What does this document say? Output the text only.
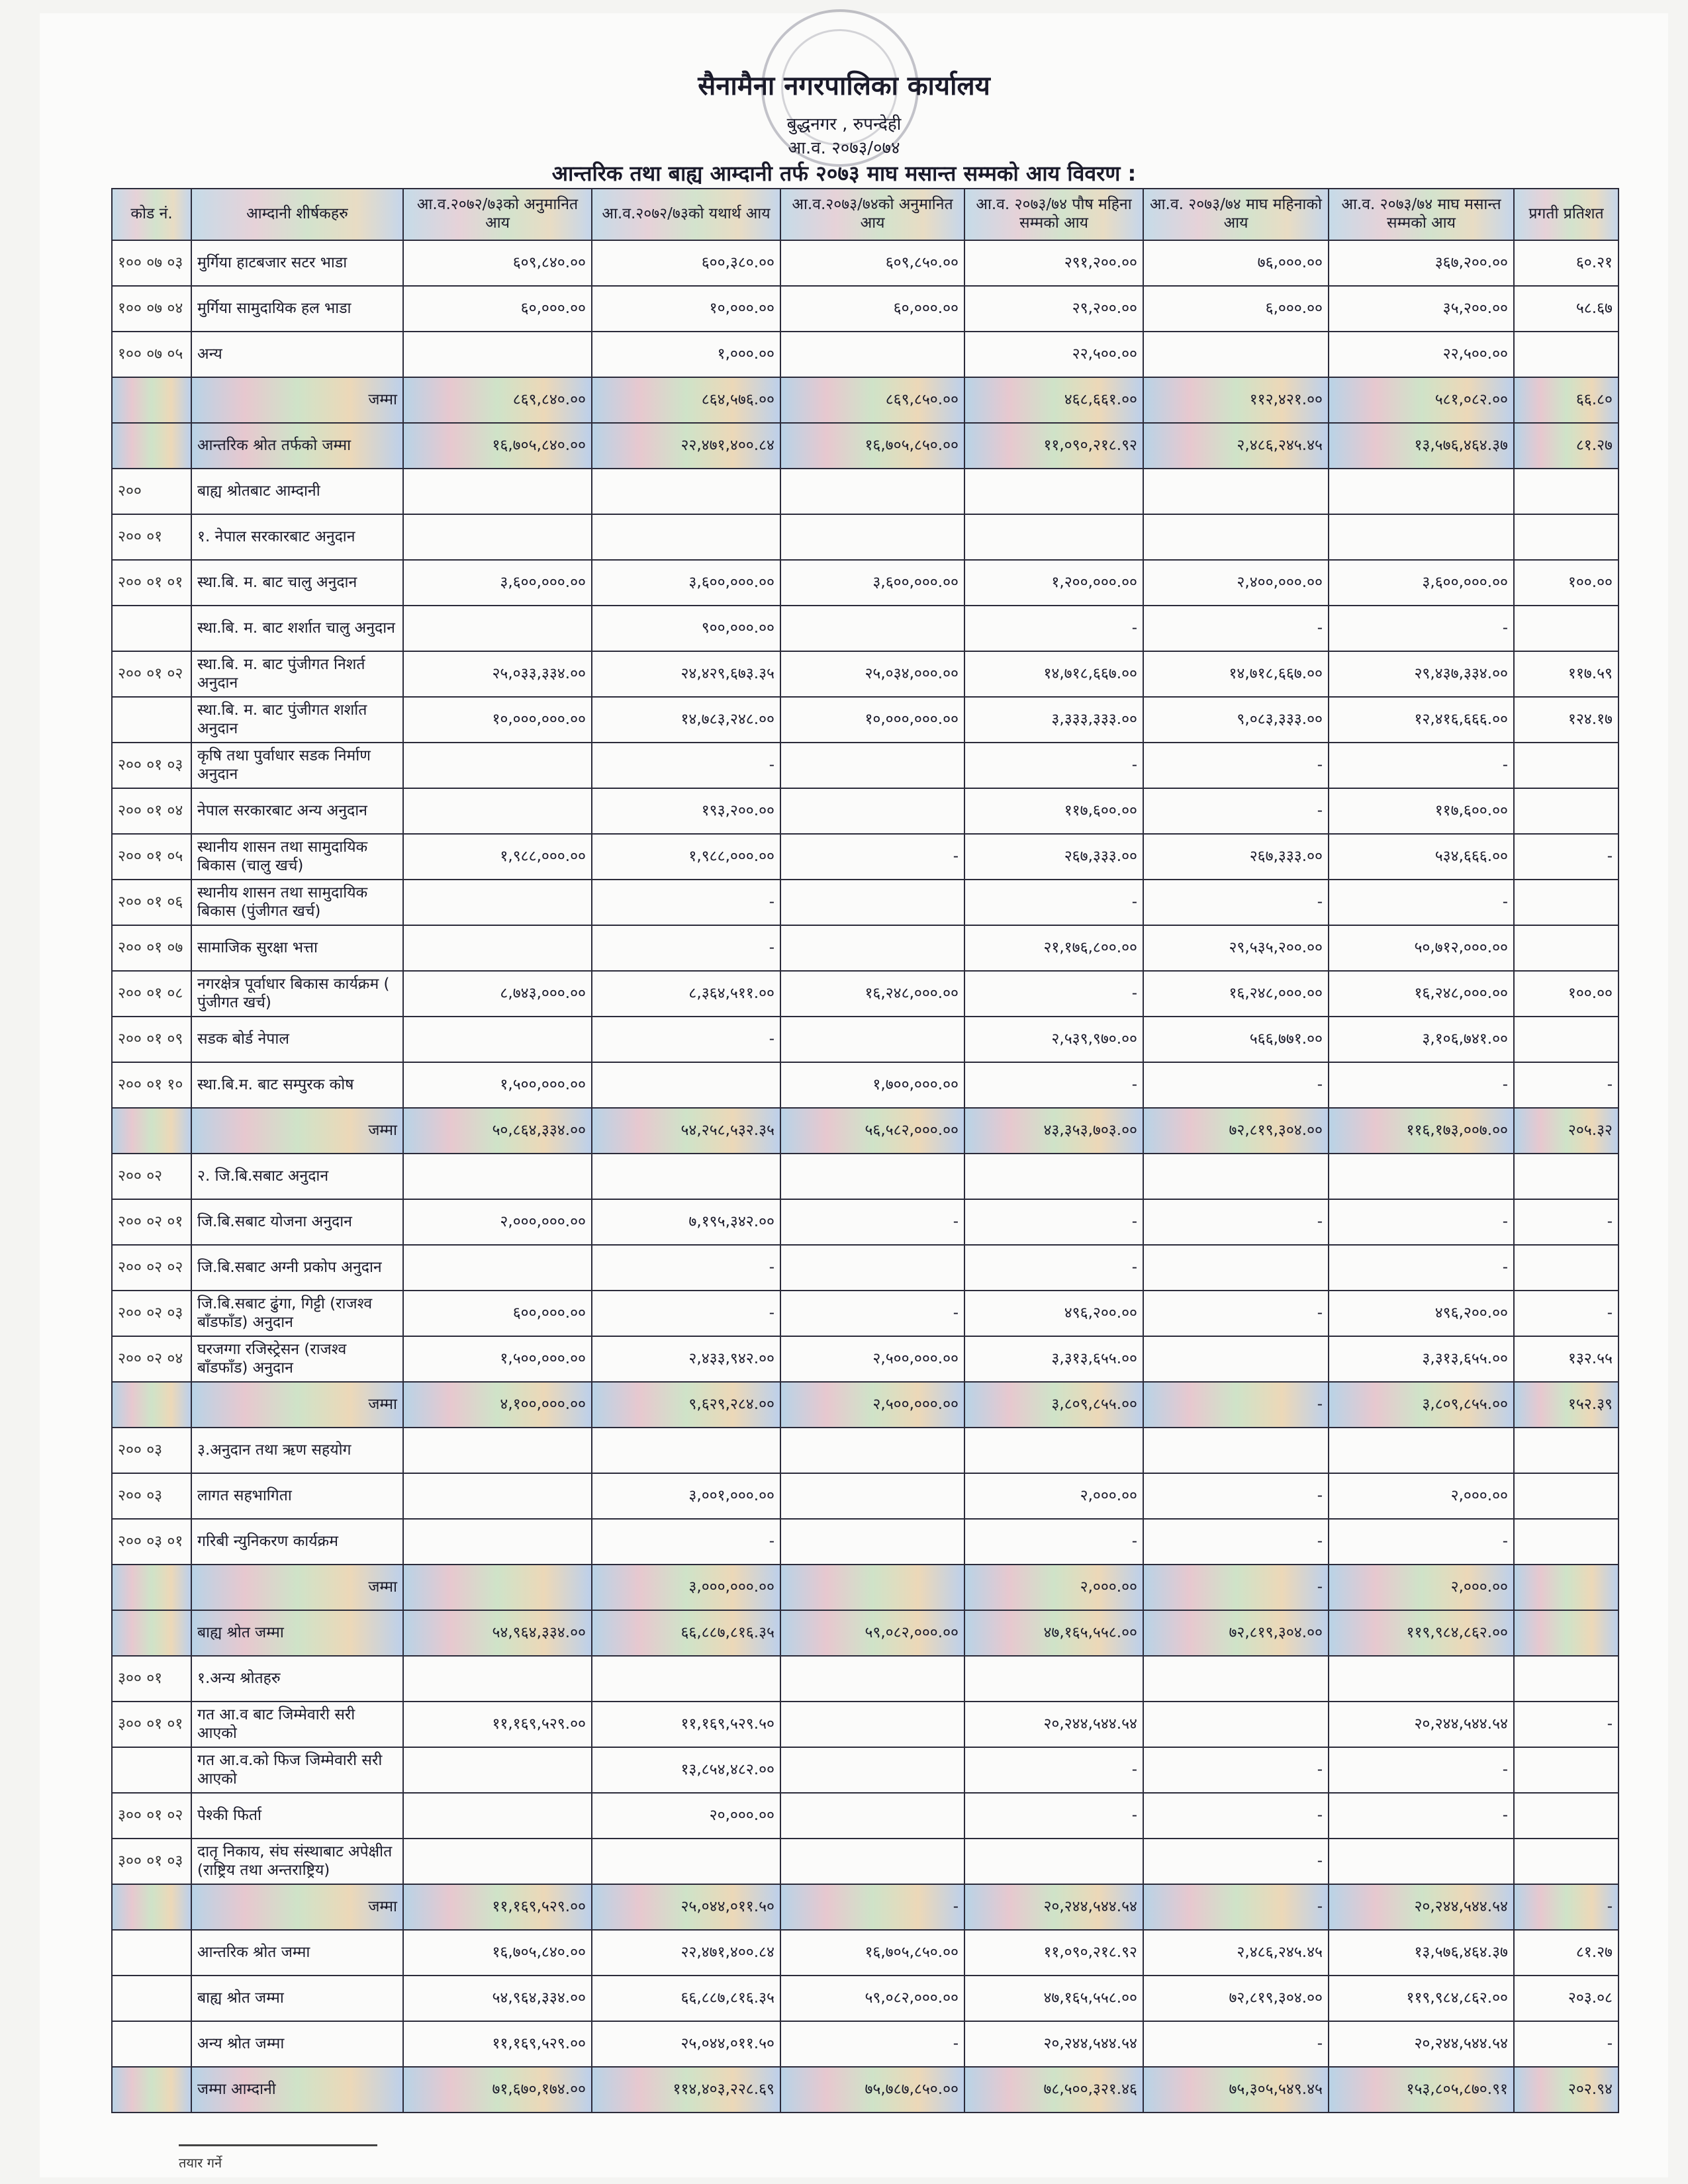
सैनामैना नगरपालिका कार्यालय
बुद्धनगर , रुपन्देही
आ.व. २०७३/०७४
आन्तरिक तथा बाह्य आम्दानी तर्फ २०७३ माघ मसान्त सम्मको आय विवरण :
कोड नं.	आम्दानी शीर्षकहरु	आ.व.२०७२/७३को अनुमानित आय	आ.व.२०७२/७३को यथार्थ आय	आ.व.२०७३/७४को अनुमानित आय	आ.व. २०७३/७४ पौष महिना सम्मको आय	आ.व. २०७३/७४ माघ महिनाको आय	आ.व. २०७३/७४ माघ मसान्त सम्मको आय	प्रगती प्रतिशत
१०० ०७ ०३	मुर्गिया हाटबजार सटर भाडा	६०९,८४०.००	६००,३८०.००	६०९,८५०.००	२९१,२००.००	७६,०००.००	३६७,२००.००	६०.२१
१०० ०७ ०४	मुर्गिया सामुदायिक हल भाडा	६०,०००.००	१०,०००.००	६०,०००.००	२९,२००.००	६,०००.००	३५,२००.००	५८.६७
१०० ०७ ०५	अन्य		१,०००.००		२२,५००.००		२२,५००.००	
	जम्मा	८६९,८४०.००	८६४,५७६.००	८६९,८५०.००	४६८,६६१.००	११२,४२१.००	५८१,०८२.००	६६.८०
	आन्तरिक श्रोत तर्फको जम्मा	१६,७०५,८४०.००	२२,४७१,४००.८४	१६,७०५,८५०.००	११,०९०,२१८.९२	२,४८६,२४५.४५	१३,५७६,४६४.३७	८१.२७
२००	बाह्य श्रोतबाट आम्दानी							
२०० ०१	१. नेपाल सरकारबाट अनुदान							
२०० ०१ ०१	स्था.बि. म. बाट चालु अनुदान	३,६००,०००.००	३,६००,०००.००	३,६००,०००.००	१,२००,०००.००	२,४००,०००.००	३,६००,०००.००	१००.००
	स्था.बि. म. बाट शर्शात चालु अनुदान		९००,०००.००		-	-	-	
२०० ०१ ०२	स्था.बि. म. बाट पुंजीगत निशर्त अनुदान	२५,०३३,३३४.००	२४,४२९,६७३.३५	२५,०३४,०००.००	१४,७१८,६६७.००	१४,७१८,६६७.००	२९,४३७,३३४.००	११७.५९
	स्था.बि. म. बाट पुंजीगत शर्शात अनुदान	१०,०००,०००.००	१४,७८३,२४८.००	१०,०००,०००.००	३,३३३,३३३.००	९,०८३,३३३.००	१२,४१६,६६६.००	१२४.१७
२०० ०१ ०३	कृषि तथा पुर्वाधार सडक निर्माण अनुदान		-		-	-	-	
२०० ०१ ०४	नेपाल सरकारबाट अन्य अनुदान		१९३,२००.००		११७,६००.००	-	११७,६००.००	
२०० ०१ ०५	स्थानीय शासन तथा सामुदायिक बिकास (चालु खर्च)	१,९८८,०००.००	१,९८८,०००.००	-	२६७,३३३.००	२६७,३३३.००	५३४,६६६.००	-
२०० ०१ ०६	स्थानीय शासन तथा सामुदायिक बिकास (पुंजीगत खर्च)		-		-	-	-	
२०० ०१ ०७	सामाजिक सुरक्षा भत्ता		-		२१,१७६,८००.००	२९,५३५,२००.००	५०,७१२,०००.००	
२०० ०१ ०८	नगरक्षेत्र पूर्वाधार बिकास कार्यक्रम ( पुंजीगत खर्च)	८,७४३,०००.००	८,३६४,५११.००	१६,२४८,०००.००	-	१६,२४८,०००.००	१६,२४८,०००.००	१००.००
२०० ०१ ०९	सडक बोर्ड नेपाल		-		२,५३९,९७०.००	५६६,७७१.००	३,१०६,७४१.००	
२०० ०१ १०	स्था.बि.म. बाट सम्पुरक कोष	१,५००,०००.००		१,७००,०००.००	-	-	-	-
	जम्मा	५०,८६४,३३४.००	५४,२५८,५३२.३५	५६,५८२,०००.००	४३,३५३,७०३.००	७२,८१९,३०४.००	११६,१७३,००७.००	२०५.३२
२०० ०२	२. जि.बि.सबाट अनुदान							
२०० ०२ ०१	जि.बि.सबाट योजना अनुदान	२,०००,०००.००	७,१९५,३४२.००	-	-	-	-	-
२०० ०२ ०२	जि.बि.सबाट अग्नी प्रकोप अनुदान		-		-		-	
२०० ०२ ०३	जि.बि.सबाट ढुंगा, गिट्टी (राजश्व बाँडफाँड) अनुदान	६००,०००.००	-	-	४९६,२००.००	-	४९६,२००.००	-
२०० ०२ ०४	घरजग्गा रजिस्ट्रेसन (राजश्व बाँडफाँड) अनुदान	१,५००,०००.००	२,४३३,९४२.००	२,५००,०००.००	३,३१३,६५५.००		३,३१३,६५५.००	१३२.५५
	जम्मा	४,१००,०००.००	९,६२९,२८४.००	२,५००,०००.००	३,८०९,८५५.००	-	३,८०९,८५५.००	१५२.३९
२०० ०३	३.अनुदान तथा ऋण सहयोग							
२०० ०३	लागत सहभागिता		३,००१,०००.००		२,०००.००	-	२,०००.००	
२०० ०३ ०१	गरिबी न्युनिकरण कार्यक्रम		-		-	-	-	
	जम्मा		३,०००,०००.००		२,०००.००	-	२,०००.००	
	बाह्य श्रोत जम्मा	५४,९६४,३३४.००	६६,८८७,८१६.३५	५९,०८२,०००.००	४७,१६५,५५८.००	७२,८१९,३०४.००	११९,९८४,८६२.००	
३०० ०१	१.अन्य श्रोतहरु							
३०० ०१ ०१	गत आ.व बाट जिम्मेवारी सरी आएको	११,१६९,५२९.००	११,१६९,५२९.५०		२०,२४४,५४४.५४		२०,२४४,५४४.५४	-
	गत आ.व.को फिज जिम्मेवारी सरी आएको		१३,८५४,४८२.००		-	-	-	
३०० ०१ ०२	पेश्की फिर्ता		२०,०००.००		-	-	-	
३०० ०१ ०३	दातृ निकाय, संघ संस्थाबाट अपेक्षीत (राष्ट्रिय तथा अन्तराष्ट्रिय)					-		
	जम्मा	११,१६९,५२९.००	२५,०४४,०११.५०	-	२०,२४४,५४४.५४	-	२०,२४४,५४४.५४	-
	आन्तरिक श्रोत जम्मा	१६,७०५,८४०.००	२२,४७१,४००.८४	१६,७०५,८५०.००	११,०९०,२१८.९२	२,४८६,२४५.४५	१३,५७६,४६४.३७	८१.२७
	बाह्य श्रोत जम्मा	५४,९६४,३३४.००	६६,८८७,८१६.३५	५९,०८२,०००.००	४७,१६५,५५८.००	७२,८१९,३०४.००	११९,९८४,८६२.००	२०३.०८
	अन्य श्रोत जम्मा	११,१६९,५२९.००	२५,०४४,०११.५०	-	२०,२४४,५४४.५४	-	२०,२४४,५४४.५४	-
	जम्मा आम्दानी	७१,६७०,१७४.००	११४,४०३,२२८.६९	७५,७८७,८५०.००	७८,५००,३२१.४६	७५,३०५,५४९.४५	१५३,८०५,८७०.९१	२०२.९४
तयार गर्ने
